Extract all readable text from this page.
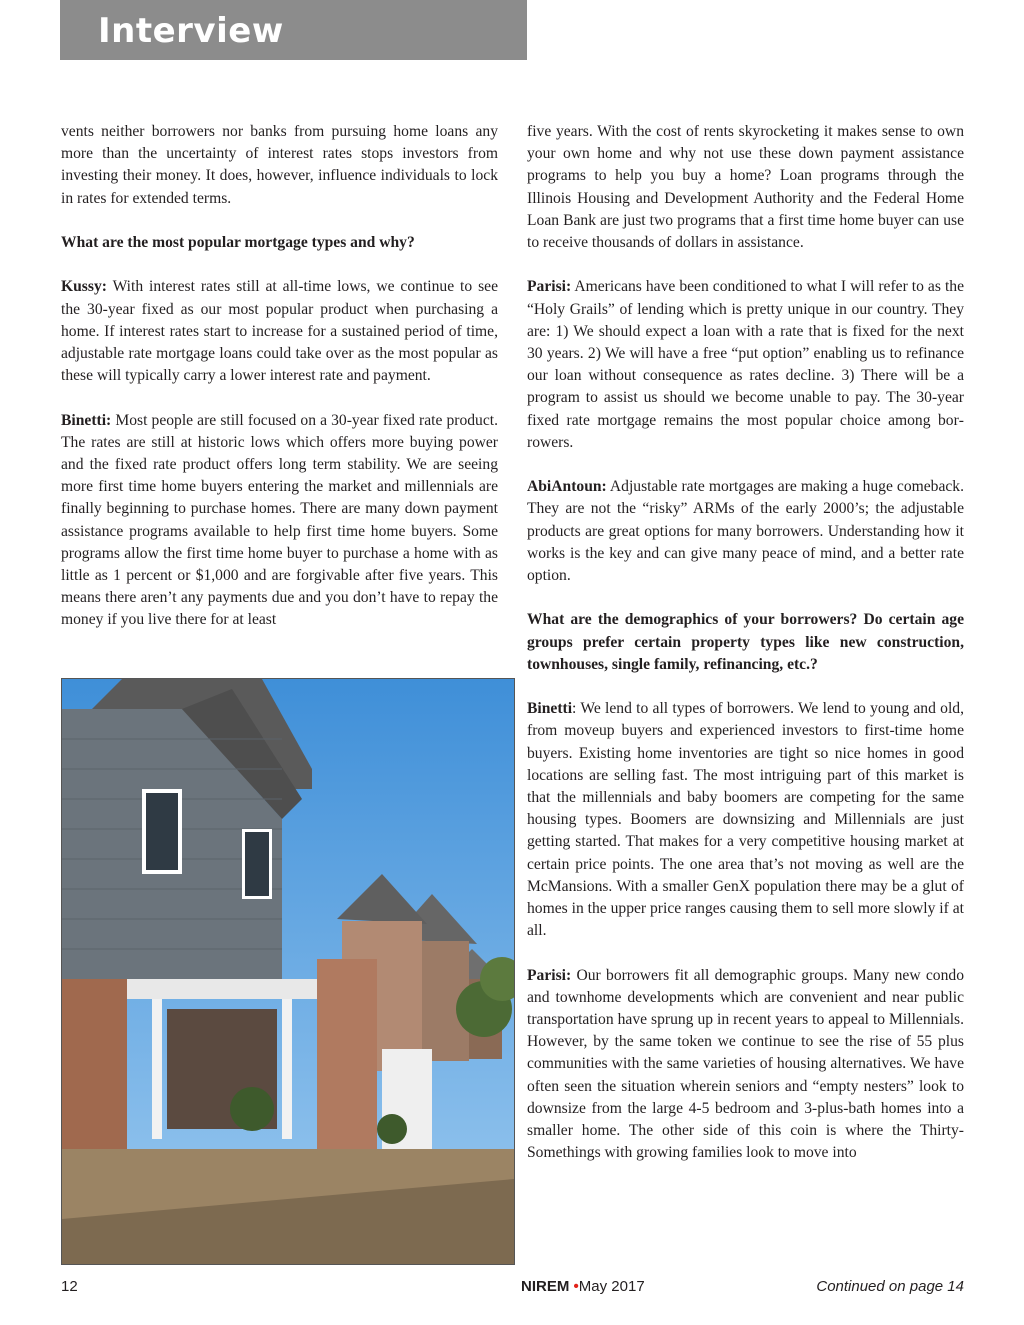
Interview

vents neither borrowers nor banks from pursuing home loans any more than the uncertainty of interest rates stops investors from investing their money. It does, however, influence individuals to lock in rates for extended terms.

What are the most popular mortgage types and why?

Kussy: With interest rates still at all-time lows, we continue to see the 30-year fixed as our most popular product when purchasing a home. If interest rates start to increase for a sustained period of time, adjustable rate mortgage loans could take over as the most popular as these will typically carry a lower interest rate and payment.

Binetti: Most people are still focused on a 30-year fixed rate product. The rates are still at historic lows which offers more buying power and the fixed rate product offers long term stability. We are seeing more first time home buyers entering the market and millennials are finally beginning to purchase homes. There are many down payment assistance programs available to help first time home buyers. Some programs allow the first time home buyer to purchase a home with as little as 1 percent or $1,000 and are forgivable after five years. This means there aren’t any payments due and you don’t have to repay the money if you live there for at least

five years. With the cost of rents skyrocketing it makes sense to own your own home and why not use these down payment assistance programs to help you buy a home? Loan programs through the Illinois Housing and Development Authority and the Federal Home Loan Bank are just two programs that a first time home buyer can use to receive thousands of dollars in assistance.

Parisi: Americans have been conditioned to what I will refer to as the “Holy Grails” of lending which is pretty unique in our country. They are: 1) We should expect a loan with a rate that is fixed for the next 30 years. 2) We will have a free “put option” enabling us to refinance our loan without consequence as rates decline. 3) There will be a program to assist us should we become unable to pay. The 30-year fixed rate mortgage remains the most popular choice among borrowers.

AbiAntoun: Adjustable rate mortgages are making a huge comeback. They are not the “risky” ARMs of the early 2000’s; the adjustable products are great options for many borrowers. Understanding how it works is the key and can give many peace of mind, and a better rate option.

What are the demographics of your borrowers? Do certain age groups prefer certain property types like new construction, townhouses, single family, refinancing, etc.?

Binetti: We lend to all types of borrowers. We lend to young and old, from moveup buyers and experienced investors to first-time home buyers. Existing home inventories are tight so nice homes in good locations are selling fast. The most intriguing part of this market is that the millennials and baby boomers are competing for the same housing types. Boomers are downsizing and Millennials are just getting started. That makes for a very competitive housing market at certain price points. The one area that’s not moving as well are the McMansions. With a smaller GenX population there may be a glut of homes in the upper price ranges causing them to sell more slowly if at all.

Parisi: Our borrowers fit all demographic groups. Many new condo and townhome developments which are convenient and near public transportation have sprung up in recent years to appeal to Millennials. However, by the same token we continue to see the rise of 55 plus communities with the same varieties of housing alternatives. We have often seen the situation wherein seniors and “empty nesters” look to downsize from the large 4-5 bedroom and 3-plus-bath homes into a smaller home. The other side of this coin is where the Thirty-Somethings with growing families look to move into

12	NIREM •May 2017	Continued on page 14
